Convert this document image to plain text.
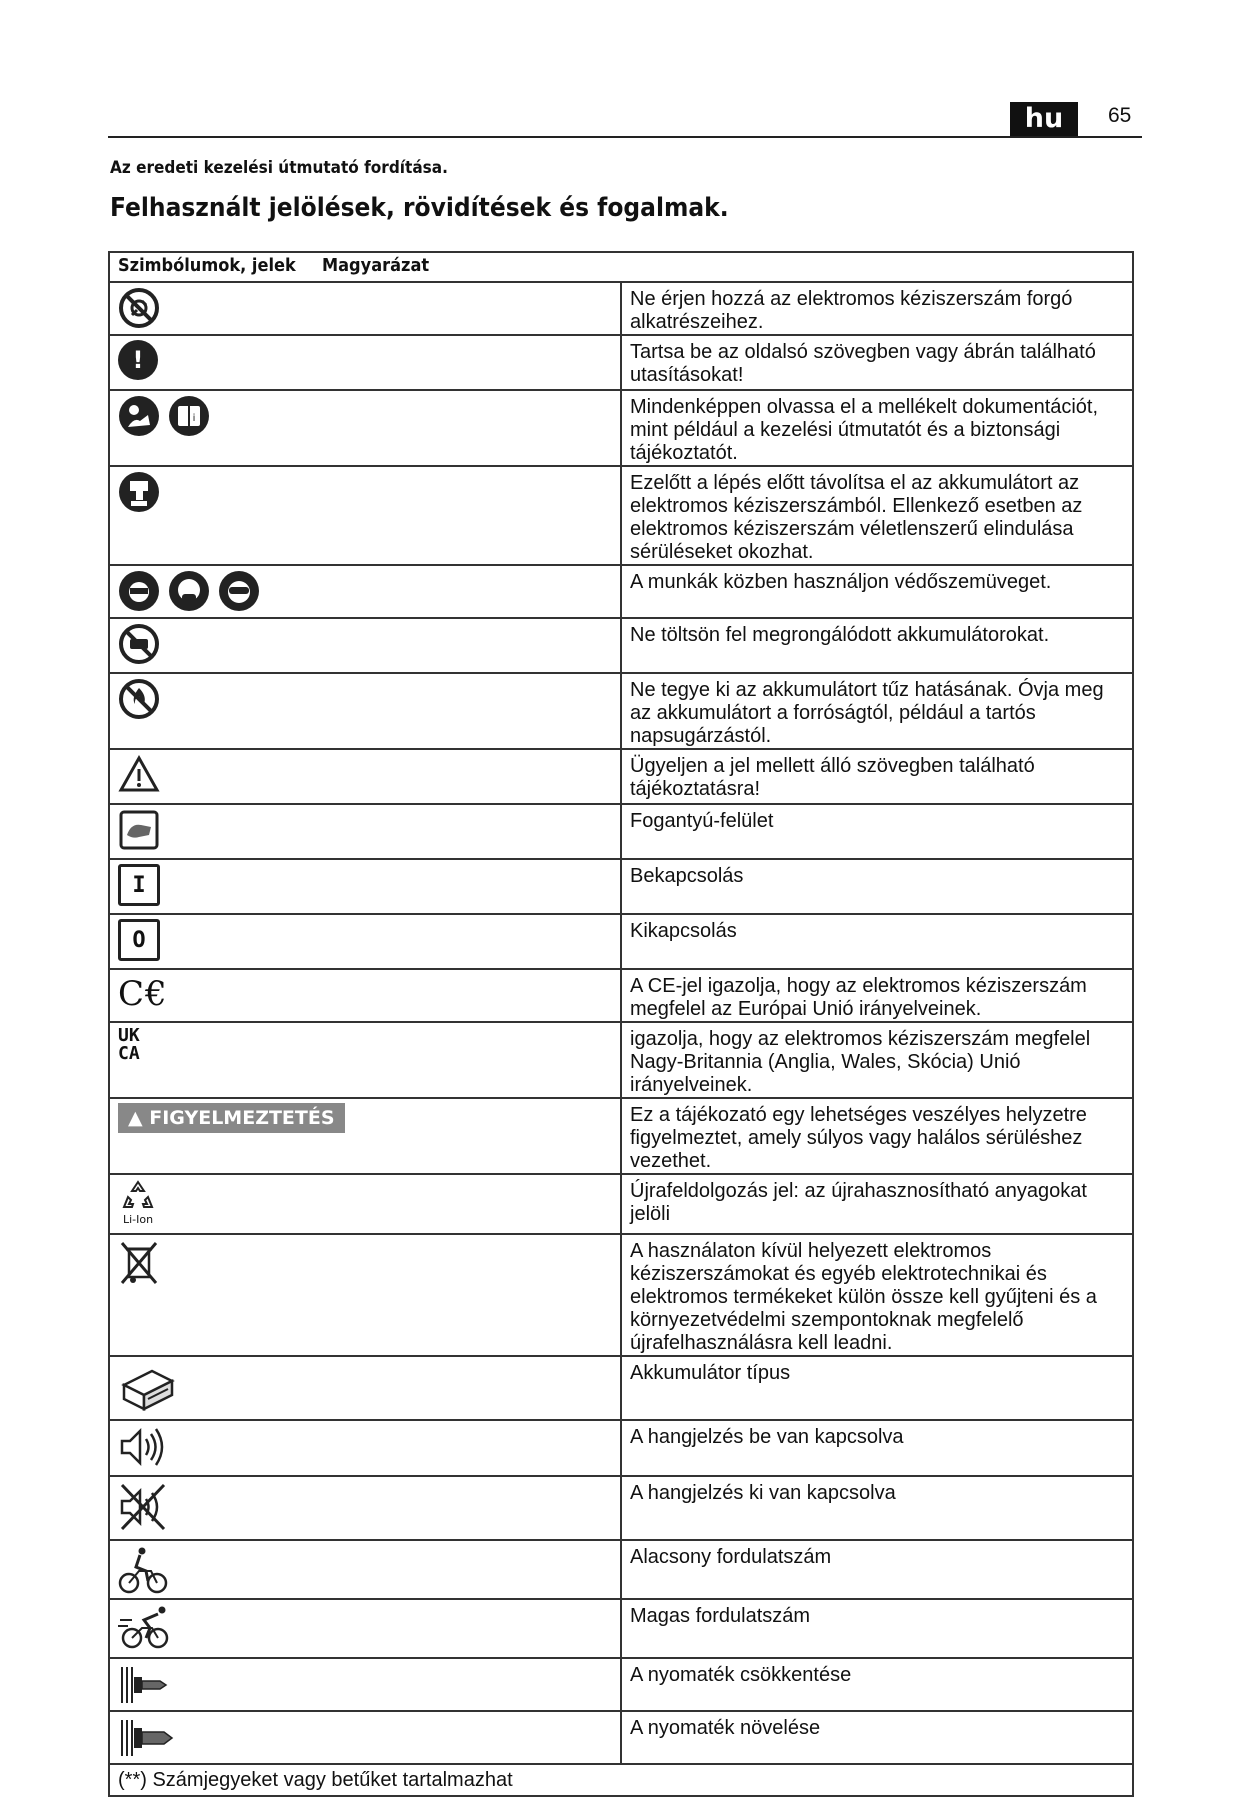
hu	65
Az eredeti kezelési útmutató fordítása.
Felhasznált jelölések, rövidítések és fogalmak.
Szimbólumok, jelek Magyarázat	

	Ne érjen hozzá az elektromos kéziszerszám forgó alkatrészeihez.
!	Tartsa be az oldalsó szövegben vagy ábrán található utasításokat!

i	Mindenképpen olvassa el a mellékelt dokumentációt, mint például a kezelési útmutatót és a biztonsági tájékoztatót.

	Ezelőtt a lépés előtt távolítsa el az akkumulátort az elektromos kéziszerszámból. Ellenkező esetben az elektromos kéziszerszám véletlenszerű elindulása sérüléseket okozhat.

	A munkák közben használjon védőszemüveget.

	Ne töltsön fel megrongálódott akkumulátorokat.

	Ne tegye ki az akkumulátort tűz hatásának. Óvja meg az akkumulátort a forróságtól, például a tartós napsugárzástól.

	Ügyeljen a jel mellett álló szövegben található tájékoztatásra!

	Fogantyú-felület
I	Bekapcsolás
O	Kikapcsolás
C€	A CE-jel igazolja, hogy az elektromos kéziszerszám megfelel az Európai Unió irányelveinek.
UK
CA	igazolja, hogy az elektromos kéziszerszám megfelel Nagy-Britannia (Anglia, Wales, Skócia) Unió irányelveinek.
▲ FIGYELMEZTETÉS	Ez a tájékozató egy lehetséges veszélyes helyzetre figyelmeztet, amely súlyos vagy halálos sérüléshez vezethet.

Li-Ion	Újrafeldolgozás jel: az újrahasznosítható anyagokat jelöli

	A használaton kívül helyezett elektromos kéziszerszámokat és egyéb elektrotechnikai és elektromos termékeket külön össze kell gyűjteni és a környezetvédelmi szempontoknak megfelelő újrafelhasználásra kell leadni.

	Akkumulátor típus

	A hangjelzés be van kapcsolva

	A hangjelzés ki van kapcsolva

	Alacsony fordulatszám

	Magas fordulatszám

	A nyomaték csökkentése

	A nyomaték növelése
(**) Számjegyeket vagy betűket tartalmazhat	
